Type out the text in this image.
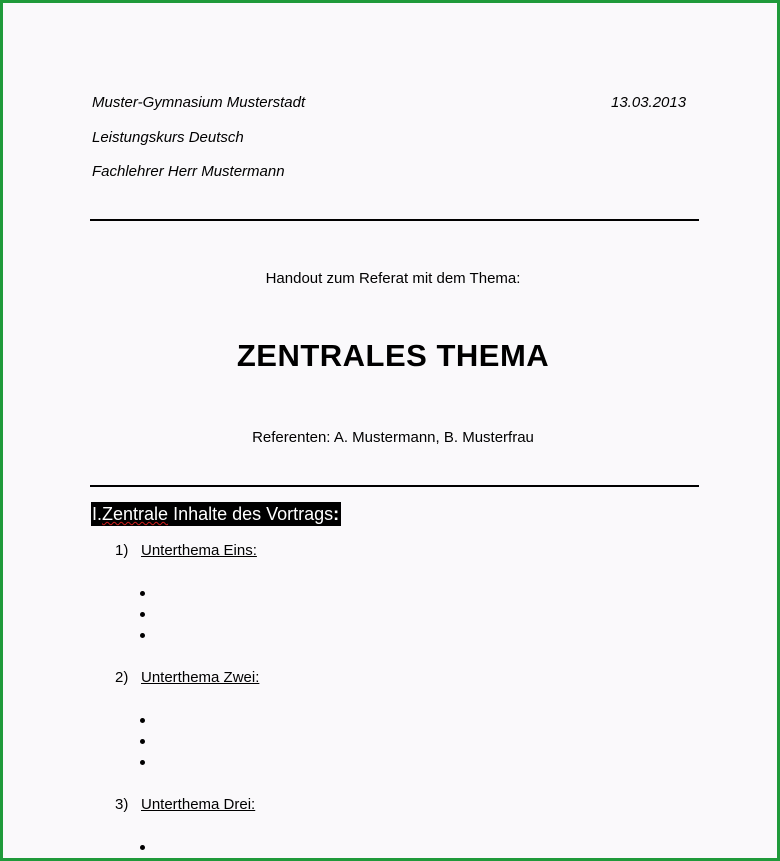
Muster-Gymnasium Musterstadt	13.03.2013
Leistungskurs Deutsch
Fachlehrer Herr Mustermann
Handout zum Referat mit dem Thema:
ZENTRALES THEMA
Referenten: A. Mustermann, B. Musterfrau
I.Zentrale Inhalte des Vortrags:
1) Unterthema Eins:
2) Unterthema Zwei:
3) Unterthema Drei:
